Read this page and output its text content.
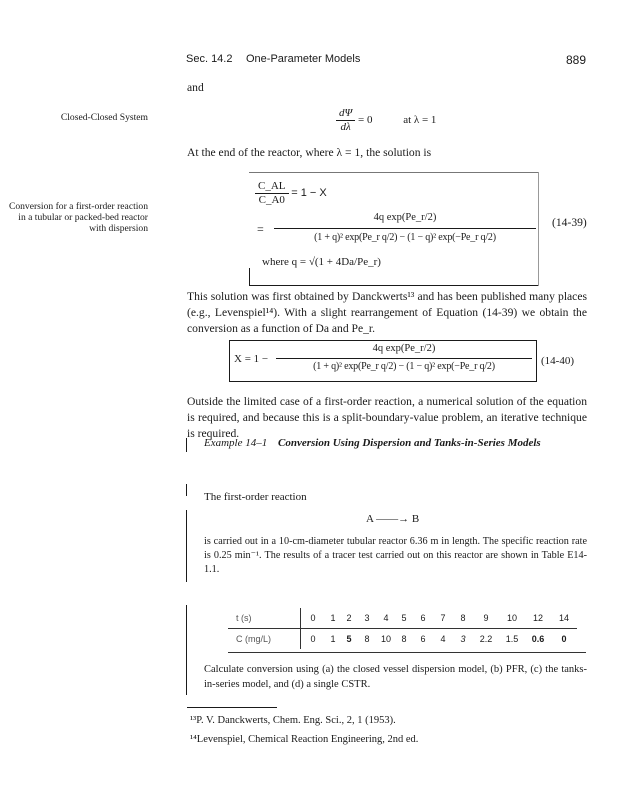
Sec. 14.2 One-Parameter Models	889
and
Closed-Closed System	$\frac{d\Psi}{d\lambda} = 0$	at λ = 1
At the end of the reactor, where λ = 1, the solution is
Conversion for a first-order reaction in a tubular or packed-bed reactor with dispersion
$\frac{C\_AL}{C\_A0} = 1 - X$
=
4q exp(Pe_r/2)
(1 + q)² exp(Pe_r q/2) − (1 − q)² exp(−Pe_r q/2)
where q = √(1 + 4Da/Pe_r)
(14-39)
This solution was first obtained by Danckwerts¹³ and has been published many places (e.g., Levenspiel¹⁴). With a slight rearrangement of Equation (14-39) we obtain the conversion as a function of Da and Pe_r.
X = 1 −
4q exp(Pe_r/2)
(1 + q)² exp(Pe_r q/2) − (1 − q)² exp(−Pe_r q/2)	(14-40)
Outside the limited case of a first-order reaction, a numerical solution of the equation is required, and because this is a split-boundary-value problem, an iterative technique is required.
Example 14–1 Conversion Using Dispersion and Tanks-in-Series Models
The first-order reaction
A ——→ B
is carried out in a 10-cm-diameter tubular reactor 6.36 m in length. The specific reaction rate is 0.25 min⁻¹. The results of a tracer test carried out on this reactor are shown in Table E14-1.1.
t (s)	0	1	2	3	4	5	6	7	8	9	10	12	14
C (mg/L)	0	1	5	8	10	8	6	4	3	2.2	1.5	0.6	0
Calculate conversion using (a) the closed vessel dispersion model, (b) PFR, (c) the tanks-in-series model, and (d) a single CSTR.
¹³P. V. Danckwerts, Chem. Eng. Sci., 2, 1 (1953).
¹⁴Levenspiel, Chemical Reaction Engineering, 2nd ed.
